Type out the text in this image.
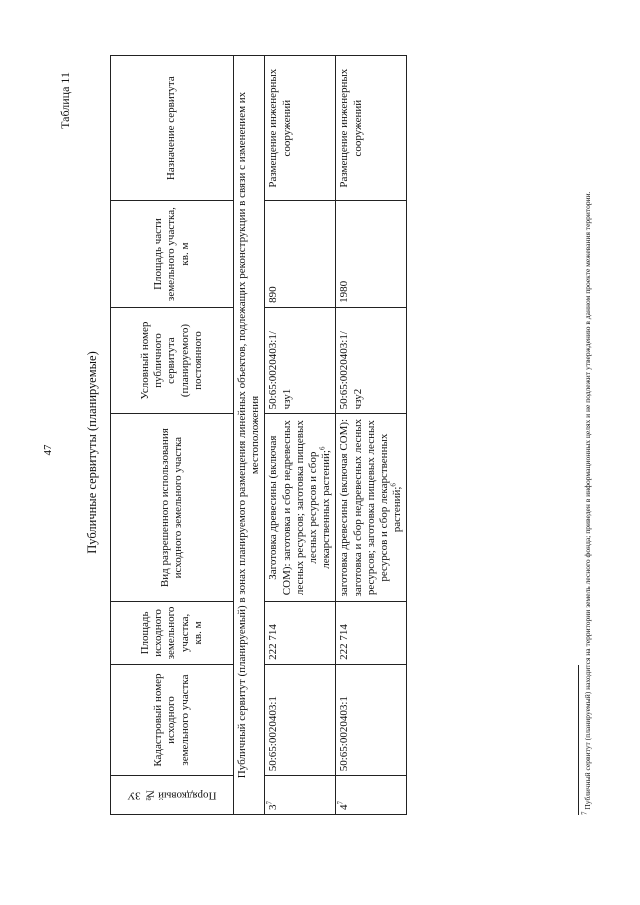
47
Таблица 11
Публичные сервитуты (планируемые)
Порядковый № ЗУ	Кадастровый номер исходного земельного участка	Площадь исходного земельного участка, кв. м	Вид разрешенного использования исходного земельного участка	Условный номер публичного сервитута (планируемого) постоянного	Площадь части земельного участка, кв. м	Назначение сервитута
Публичный сервитут (планируемый) в зонах планируемого размещения линейных объектов, подлежащих реконструкции в связи с изменением их местоположения						
$3^7$	50:65:0020403:1	222 714	Заготовка древесины (включая СОМ): заготовка и сбор недревесных лесных ресурсов; заготовка пищевых лесных ресурсов и сбор лекарственных растений;$^6$	50:65:0020403:1/чзу1	890	Размещение инженерных сооружений
$4^7$	50:65:0020403:1	222 714	заготовка древесины (включая СОМ): заготовка и сбор недревесных лесных ресурсов; заготовка пищевых лесных ресурсов и сбор лекарственных растений;$^6$	50:65:0020403:1/чзу2	1980	Размещение инженерных сооружений
$^7$ Публичный сервитут (планируемый) находится на территории земель лесного фонда; приведен в информационных целях и не подлежит утверждению в данном проекте межевания территории.
